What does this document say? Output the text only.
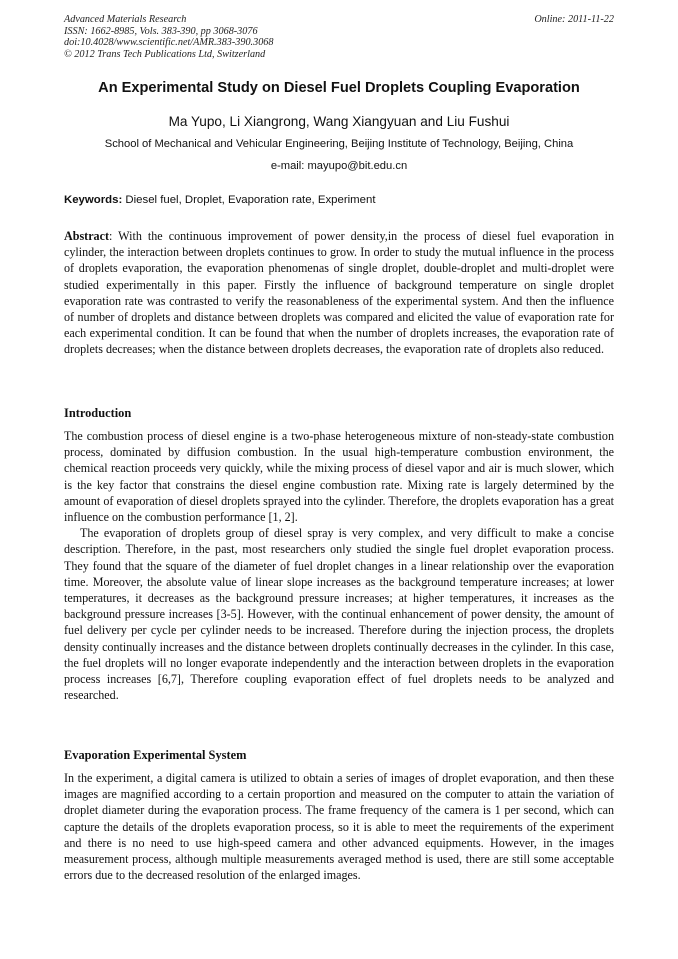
Advanced Materials Research
ISSN: 1662-8985, Vols. 383-390, pp 3068-3076
doi:10.4028/www.scientific.net/AMR.383-390.3068
© 2012 Trans Tech Publications Ltd, Switzerland
Online: 2011-11-22
An Experimental Study on Diesel Fuel Droplets Coupling Evaporation
Ma Yupo, Li Xiangrong, Wang Xiangyuan and Liu Fushui
School of Mechanical and Vehicular Engineering, Beijing Institute of Technology, Beijing, China
e-mail: mayupo@bit.edu.cn
Keywords: Diesel fuel, Droplet, Evaporation rate, Experiment

Abstract: With the continuous improvement of power density,in the process of diesel fuel evaporation in cylinder, the interaction between droplets continues to grow. In order to study the mutual influence in the process of droplets evaporation, the evaporation phenomenas of single droplet, double-droplet and multi-droplet were studied experimentally in this paper. Firstly the influence of background temperature on single droplet evaporation rate was contrasted to verify the reasonableness of the experimental system. And then the influence of number of droplets and distance between droplets was compared and elicited the value of evaporation rate for each experimental condition. It can be found that when the number of droplets increases, the evaporation rate of droplets decreases; when the distance between droplets decreases, the evaporation rate of droplets also reduced.

Introduction

The combustion process of diesel engine is a two-phase heterogeneous mixture of non-steady-state combustion process, dominated by diffusion combustion. In the usual high-temperature combustion environment, the chemical reaction proceeds very quickly, while the mixing process of diesel vapor and air is much slower, which is the key factor that constrains the diesel engine combustion rate. Mixing rate is largely determined by the amount of evaporation of diesel droplets sprayed into the cylinder. Therefore, the droplets evaporation has a great influence on the combustion performance [1, 2].

The evaporation of droplets group of diesel spray is very complex, and very difficult to make a concise description. Therefore, in the past, most researchers only studied the single fuel droplet evaporation process. They found that the square of the diameter of fuel droplet changes in a linear relationship over the evaporation time. Moreover, the absolute value of linear slope increases as the background temperature increases; at lower temperatures, it decreases as the background pressure increases; at higher temperatures, it increases as the background pressure increases [3-5]. However, with the continual enhancement of power density, the amount of fuel delivery per cycle per cylinder needs to be increased. Therefore during the injection process, the droplets density continually increases and the distance between droplets continually decreases in the cylinder. In this case, the fuel droplets will no longer evaporate independently and the interaction between droplets in the evaporation process increases [6,7], Therefore coupling evaporation effect of fuel droplets needs to be analyzed and researched.

Evaporation Experimental System

In the experiment, a digital camera is utilized to obtain a series of images of droplet evaporation, and then these images are magnified according to a certain proportion and measured on the computer to attain the variation of droplet diameter during the evaporation process. The frame frequency of the camera is 1 per second, which can capture the details of the droplets evaporation process, so it is able to meet the requirements of the experiment and there is no need to use high-speed camera and other advanced equipments. However, in the images measurement process, although multiple measurements averaged method is used, there are still some acceptable errors due to the decreased resolution of the enlarged images.
